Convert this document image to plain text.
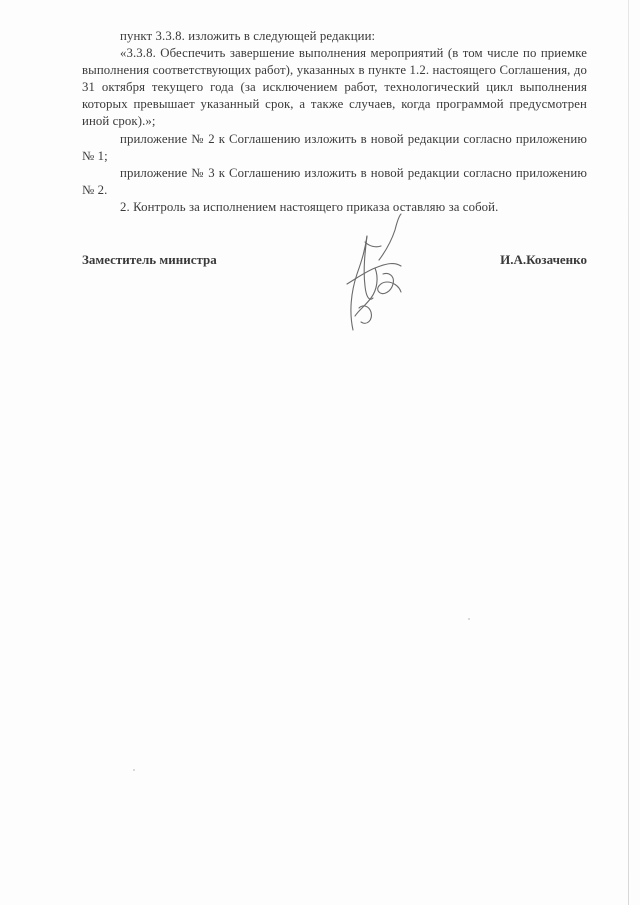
пункт 3.3.8. изложить в следующей редакции:

«3.3.8. Обеспечить завершение выполнения мероприятий (в том числе по приемке выполнения соответствующих работ), указанных в пункте 1.2. настоящего Соглашения, до 31 октября текущего года (за исключением работ, технологический цикл выполнения которых превышает указанный срок, а также случаев, когда программой предусмотрен иной срок).»;

приложение № 2 к Соглашению изложить в новой редакции согласно приложению № 1;

приложение № 3 к Соглашению изложить в новой редакции согласно приложению № 2.

2. Контроль за исполнением настоящего приказа оставляю за собой.

Заместитель министра	И.А.Козаченко
